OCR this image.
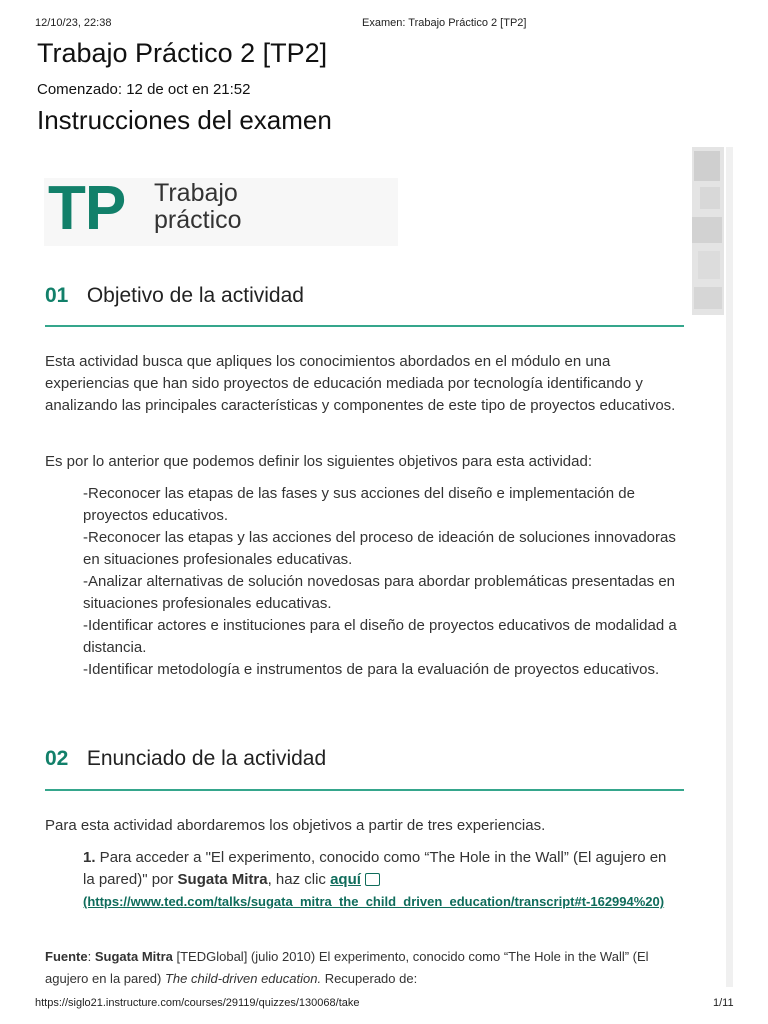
12/10/23, 22:38	Examen: Trabajo Práctico 2 [TP2]
Trabajo Práctico 2 [TP2]
Comenzado: 12 de oct en 21:52
Instrucciones del examen
TP Trabajo
práctico
01 Objetivo de la actividad
Esta actividad busca que apliques los conocimientos abordados en el módulo en una experiencias que han sido proyectos de educación mediada por tecnología identificando y analizando las principales características y componentes de este tipo de proyectos educativos.
Es por lo anterior que podemos definir los siguientes objetivos para esta actividad:

-Reconocer las etapas de las fases y sus acciones del diseño e implementación de proyectos educativos.

-Reconocer las etapas y las acciones del proceso de ideación de soluciones innovadoras en situaciones profesionales educativas.

-Analizar alternativas de solución novedosas para abordar problemáticas presentadas en situaciones profesionales educativas.

-Identificar actores e instituciones para el diseño de proyectos educativos de modalidad a distancia.

-Identificar metodología e instrumentos de para la evaluación de proyectos educativos.

02 Enunciado de la actividad
Para esta actividad abordaremos los objetivos a partir de tres experiencias.
1. Para acceder a "El experimento, conocido como “The Hole in the Wall” (El agujero en la pared)" por Sugata Mitra, haz clic aquí
(https://www.ted.com/talks/sugata_mitra_the_child_driven_education/transcript#t-162994%20)
Fuente: Sugata Mitra [TEDGlobal] (julio 2010) El experimento, conocido como “The Hole in the Wall” (El agujero en la pared) The child-driven education. Recuperado de:
https://siglo21.instructure.com/courses/29119/quizzes/130068/take	1/11
